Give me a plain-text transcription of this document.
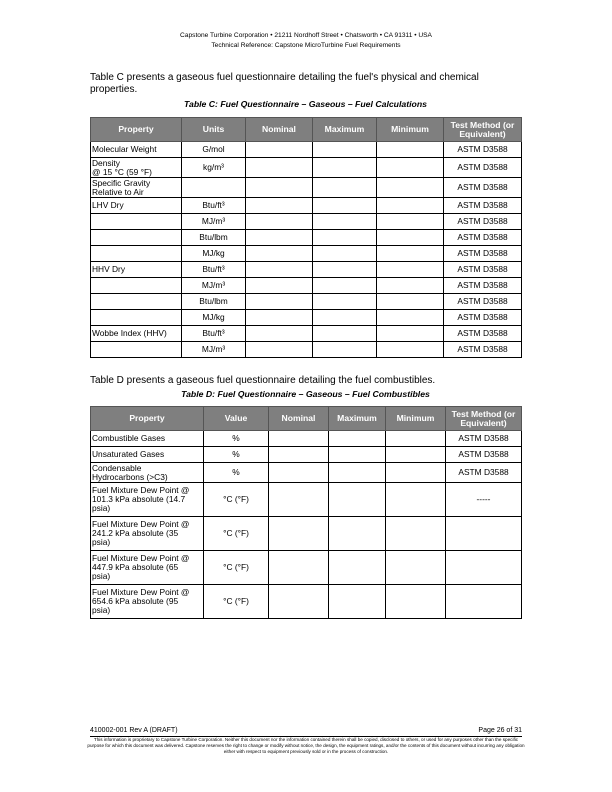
Capstone Turbine Corporation • 21211 Nordhoff Street • Chatsworth • CA 91311 • USA
Technical Reference: Capstone MicroTurbine Fuel Requirements
Table C presents a gaseous fuel questionnaire detailing the fuel's physical and chemical properties.
Table C: Fuel Questionnaire – Gaseous – Fuel Calculations
Property	Units	Nominal	Maximum	Minimum	Test Method (or Equivalent)
Molecular Weight	G/mol				ASTM D3588
Density
@ 15 °C (59 °F)	kg/m³				ASTM D3588
Specific Gravity
Relative to Air					ASTM D3588
LHV Dry	Btu/ft³				ASTM D3588
	MJ/m³				ASTM D3588
	Btu/lbm				ASTM D3588
	MJ/kg				ASTM D3588
HHV Dry	Btu/ft³				ASTM D3588
	MJ/m³				ASTM D3588
	Btu/lbm				ASTM D3588
	MJ/kg				ASTM D3588
Wobbe Index (HHV)	Btu/ft³				ASTM D3588
	MJ/m³				ASTM D3588
Table D presents a gaseous fuel questionnaire detailing the fuel combustibles.
Table D: Fuel Questionnaire – Gaseous – Fuel Combustibles
Property	Value	Nominal	Maximum	Minimum	Test Method (or Equivalent)
Combustible Gases	%				ASTM D3588
Unsaturated Gases	%				ASTM D3588
Condensable
Hydrocarbons (>C3)	%				ASTM D3588
Fuel Mixture Dew Point @
101.3 kPa absolute (14.7
psia)	°C (°F)				-----
Fuel Mixture Dew Point @
241.2 kPa absolute (35
psia)	°C (°F)				
Fuel Mixture Dew Point @
447.9 kPa absolute (65
psia)	°C (°F)				
Fuel Mixture Dew Point @
654.6 kPa absolute (95
psia)	°C (°F)				
410002-001 Rev A (DRAFT)	Page 26 of 31
This information is proprietary to Capstone Turbine Corporation. Neither this document nor the information contained therein shall be copied, disclosed to others, or used for any purposes other than the specific purpose for which this document was delivered. Capstone reserves the right to change or modify without notice, the design, the equipment ratings, and/or the contents of this document without incurring any obligation either with respect to equipment previously sold or in the process of construction.
